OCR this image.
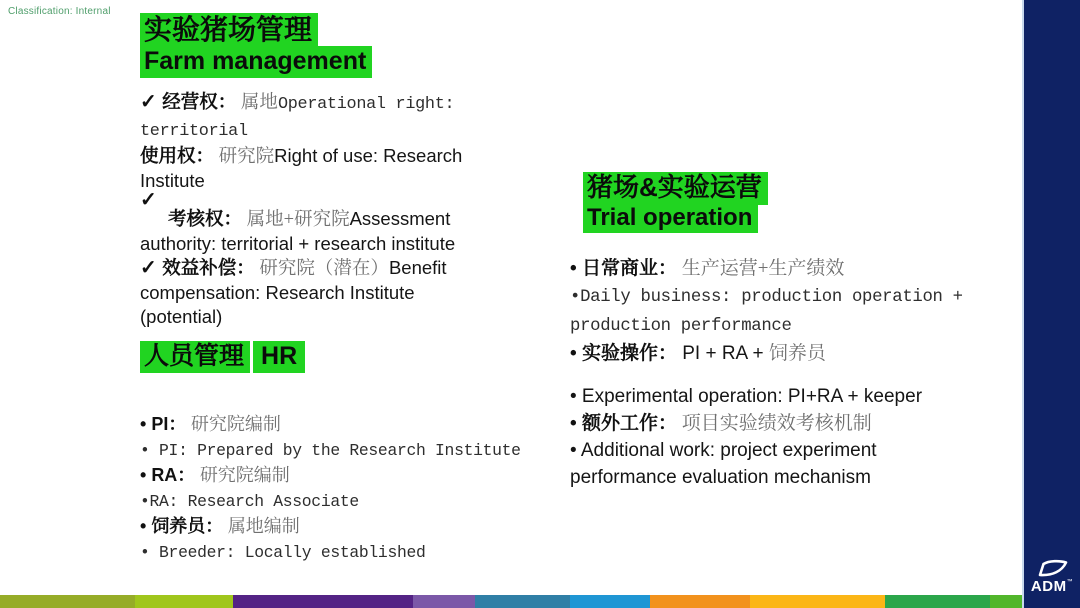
Classification: Internal
实验猪场管理
Farm management
✓ 经营权： 属地Operational right:
territorial
使用权： 研究院Right of use: Research
Institute
✓
考核权： 属地+研究院Assessment
authority: territorial + research institute
✓ 效益补偿： 研究院（潜在）Benefit
compensation: Research Institute
(potential)
人员管理 HR
• PI： 研究院编制
• PI: Prepared by the Research Institute
• RA： 研究院编制
•RA: Research Associate
• 饲养员： 属地编制
• Breeder: Locally established
猪场&实验运营
Trial operation
• 日常商业： 生产运营+生产绩效
•Daily business: production operation +
production performance
• 实验操作： PI + RA + 饲养员
• Experimental operation: PI+RA + keeper
• 额外工作： 项目实验绩效考核机制
• Additional work: project experiment
performance evaluation mechanism
ADM™
